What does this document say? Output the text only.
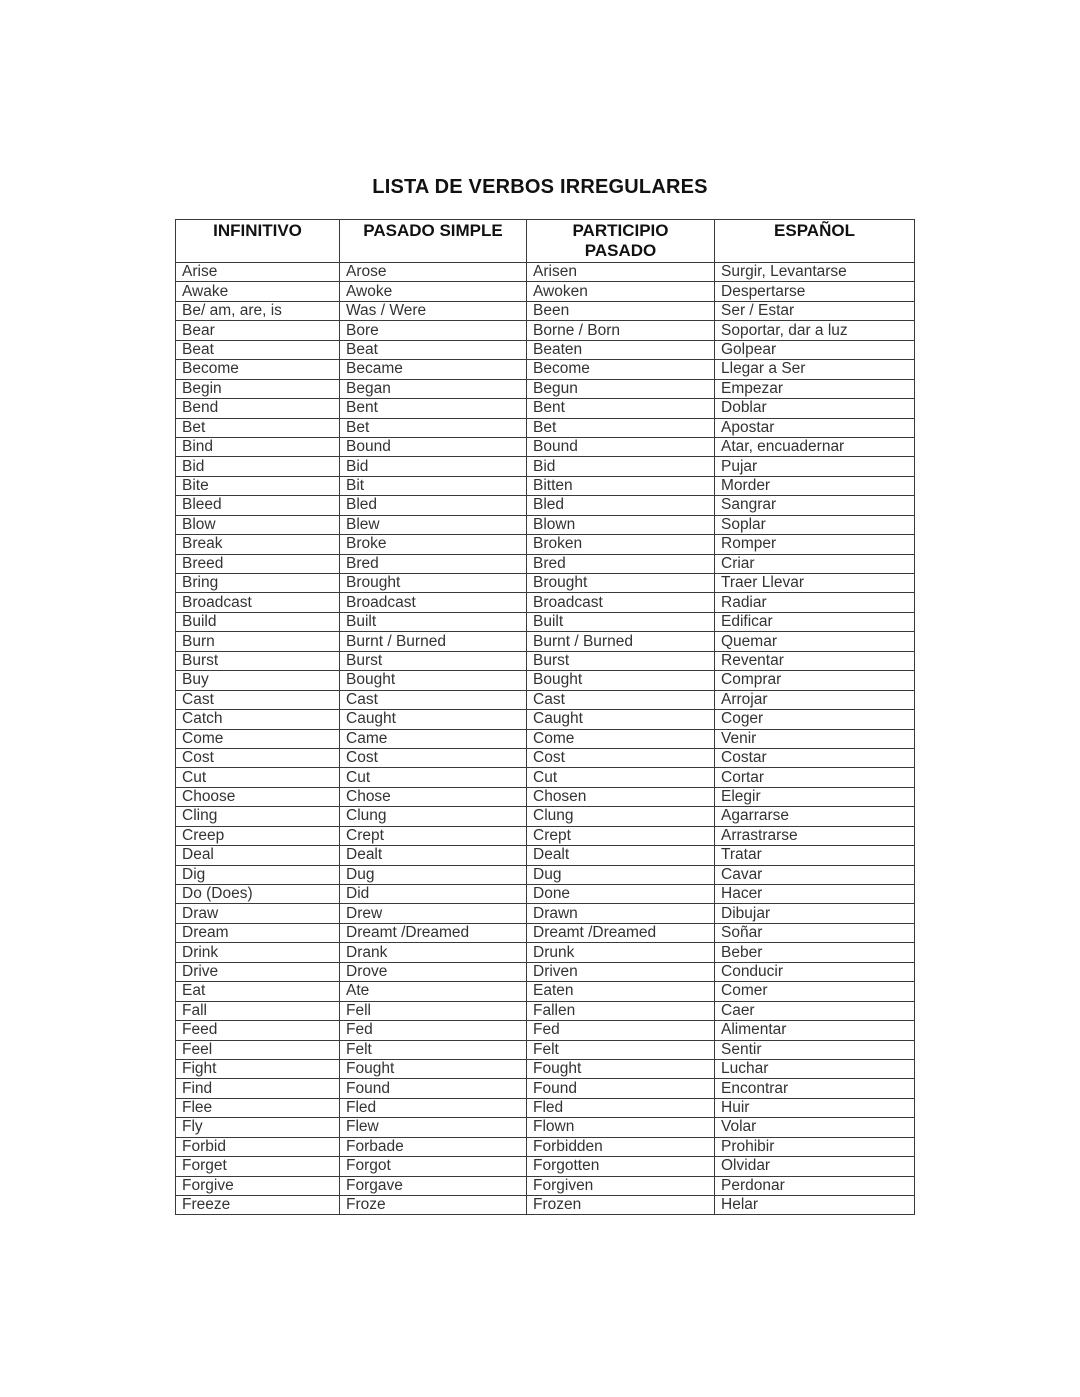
LISTA DE VERBOS IRREGULARES
INFINITIVO	PASADO SIMPLE	PARTICIPIO PASADO	ESPAÑOL
Arise	Arose	Arisen	Surgir, Levantarse
Awake	Awoke	Awoken	Despertarse
Be/ am, are, is	Was / Were	Been	Ser / Estar
Bear	Bore	Borne / Born	Soportar, dar a luz
Beat	Beat	Beaten	Golpear
Become	Became	Become	Llegar a Ser
Begin	Began	Begun	Empezar
Bend	Bent	Bent	Doblar
Bet	Bet	Bet	Apostar
Bind	Bound	Bound	Atar, encuadernar
Bid	Bid	Bid	Pujar
Bite	Bit	Bitten	Morder
Bleed	Bled	Bled	Sangrar
Blow	Blew	Blown	Soplar
Break	Broke	Broken	Romper
Breed	Bred	Bred	Criar
Bring	Brought	Brought	Traer Llevar
Broadcast	Broadcast	Broadcast	Radiar
Build	Built	Built	Edificar
Burn	Burnt / Burned	Burnt / Burned	Quemar
Burst	Burst	Burst	Reventar
Buy	Bought	Bought	Comprar
Cast	Cast	Cast	Arrojar
Catch	Caught	Caught	Coger
Come	Came	Come	Venir
Cost	Cost	Cost	Costar
Cut	Cut	Cut	Cortar
Choose	Chose	Chosen	Elegir
Cling	Clung	Clung	Agarrarse
Creep	Crept	Crept	Arrastrarse
Deal	Dealt	Dealt	Tratar
Dig	Dug	Dug	Cavar
Do (Does)	Did	Done	Hacer
Draw	Drew	Drawn	Dibujar
Dream	Dreamt /Dreamed	Dreamt /Dreamed	Soñar
Drink	Drank	Drunk	Beber
Drive	Drove	Driven	Conducir
Eat	Ate	Eaten	Comer
Fall	Fell	Fallen	Caer
Feed	Fed	Fed	Alimentar
Feel	Felt	Felt	Sentir
Fight	Fought	Fought	Luchar
Find	Found	Found	Encontrar
Flee	Fled	Fled	Huir
Fly	Flew	Flown	Volar
Forbid	Forbade	Forbidden	Prohibir
Forget	Forgot	Forgotten	Olvidar
Forgive	Forgave	Forgiven	Perdonar
Freeze	Froze	Frozen	Helar
